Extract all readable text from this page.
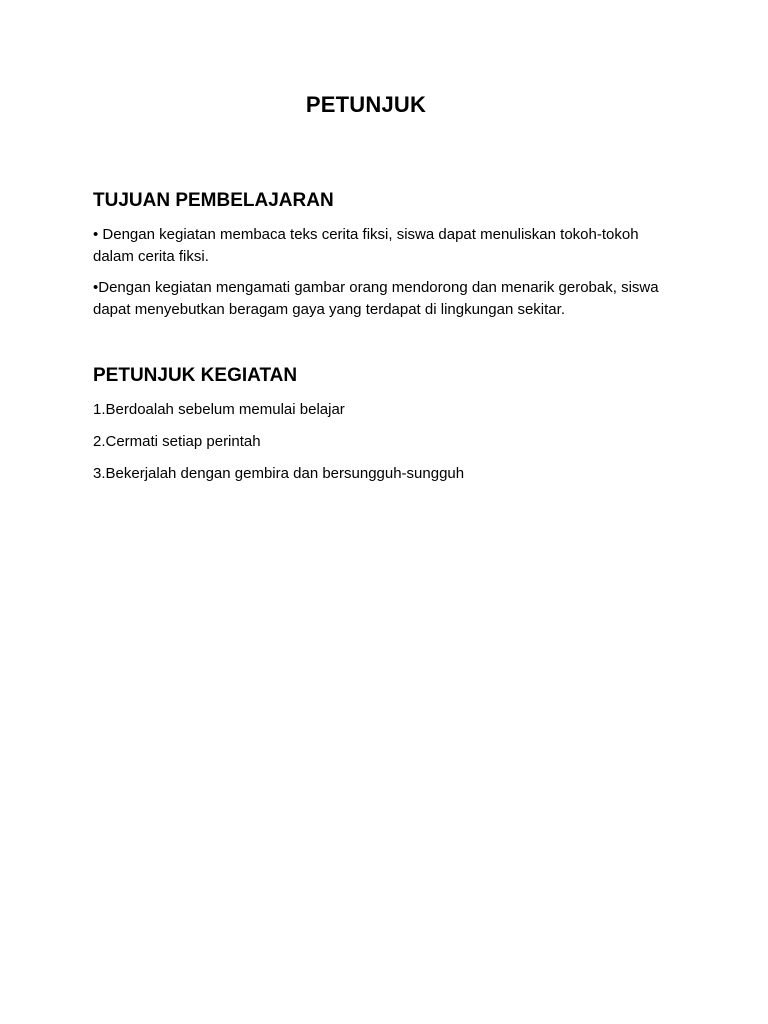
PETUNJUK
TUJUAN PEMBELAJARAN
• Dengan kegiatan membaca teks cerita fiksi, siswa dapat menuliskan tokoh-tokoh dalam cerita fiksi.
•Dengan kegiatan mengamati gambar orang mendorong dan menarik gerobak, siswa dapat menyebutkan beragam gaya yang terdapat di lingkungan sekitar.
PETUNJUK KEGIATAN
1.Berdoalah sebelum memulai belajar
2.Cermati setiap perintah
3.Bekerjalah dengan gembira dan bersungguh-sungguh
